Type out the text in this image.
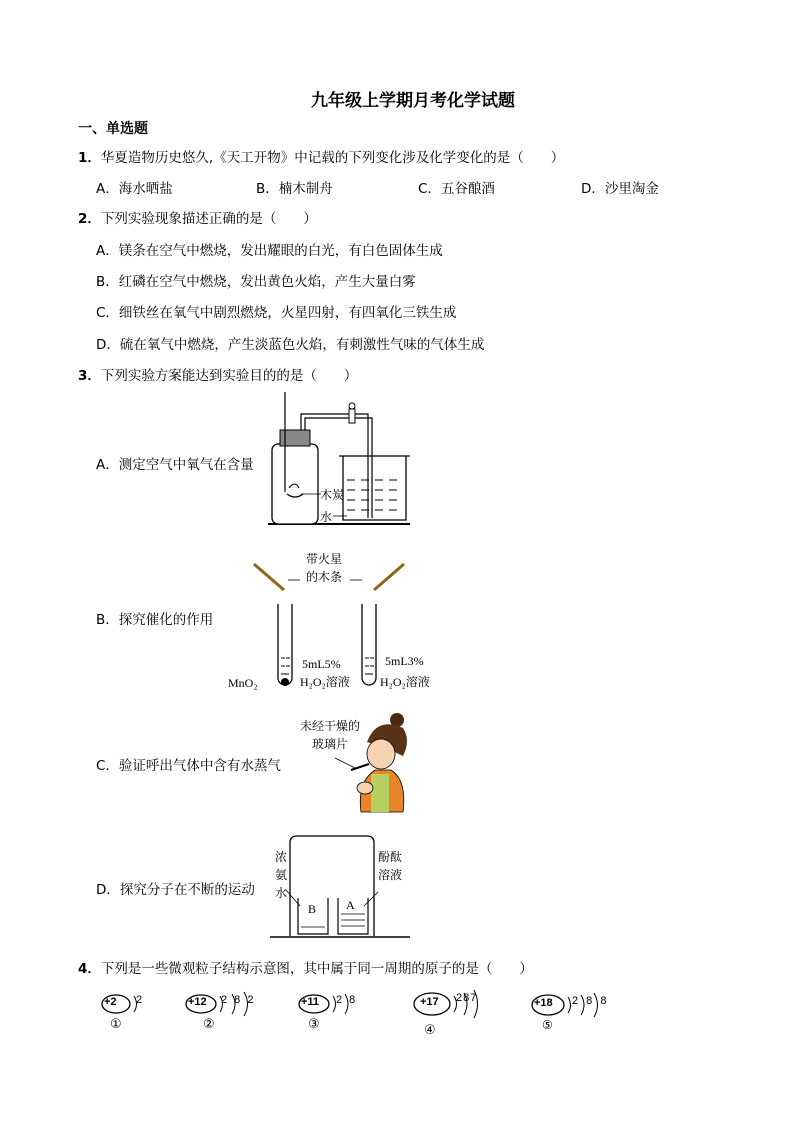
九年级上学期月考化学试题
一、单选题
1．华夏造物历史悠久,《天工开物》中记载的下列变化涉及化学变化的是（　　）
A．海水晒盐	B．楠木制舟	C．五谷酿酒	D．沙里淘金
2．下列实验现象描述正确的是（　　）
A．镁条在空气中燃烧，发出耀眼的白光，有白色固体生成
B．红磷在空气中燃烧，发出黄色火焰，产生大量白雾
C．细铁丝在氧气中剧烈燃烧，火星四射，有四氧化三铁生成
D．硫在氧气中燃烧，产生淡蓝色火焰，有刺激性气味的气体生成
3．下列实验方案能达到实验目的的是（　　）
A．测定空气中氧气在含量
木炭
水
B．探究催化的作用
带火星
的木条
MnO₂
5mL5%
H₂O₂溶液
5mL3%
H₂O₂溶液
C．验证呼出气体中含有水蒸气
未经干燥的
玻璃片
D．探究分子在不断的运动
浓
氨
水
酚酞
溶液
B A
4．下列是一些微观粒子结构示意图，其中属于同一周期的原子的是（　　）
+2 2
①
+12 2 8 2
②
+11 2 8
③
+17 287
④
+18 2 8 8
⑤
